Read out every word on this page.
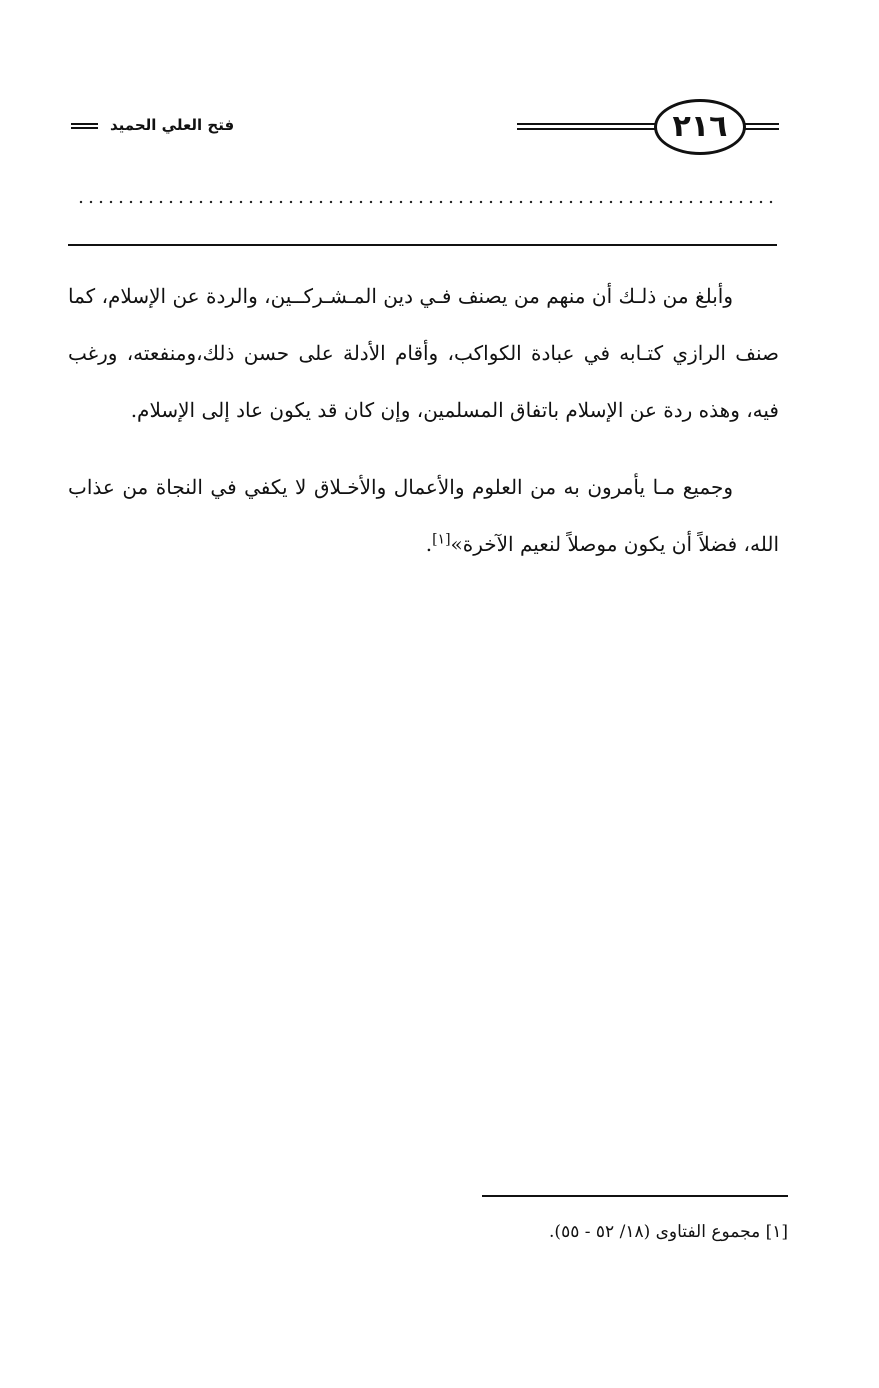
فتح العلي الحميد	٢١٦

وأبلغ من ذلـك أن منهم من يصنف فـي دين المـشـركــين، والردة عن الإسلام، كما صنف الرازي كتـابه في عبادة الكواكب، وأقام الأدلة على حسن ذلك،ومنفعته، ورغب فيه، وهذه ردة عن الإسلام باتفاق المسلمين، وإن كان قد يكون عاد إلى الإسلام.

وجميع مـا يأمرون به من العلوم والأعمال والأخـلاق لا يكفي في النجاة من عذاب الله، فضلاً أن يكون موصلاً لنعيم الآخرة»[١].

[١] مجموع الفتاوى (١٨/ ٥٢ - ٥٥).
